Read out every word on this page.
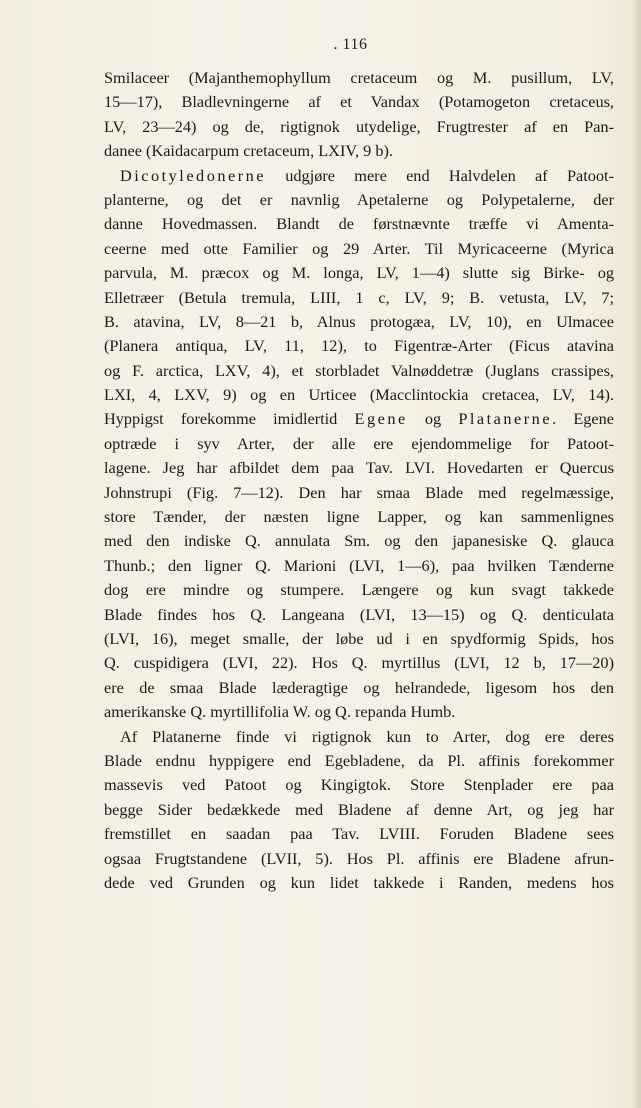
. 116
Smilaceer (Majanthemophyllum cretaceum og M. pusillum, LV,
15—17), Bladlevningerne af et Vandax (Potamogeton cretaceus,
LV, 23—24) og de, rigtignok utydelige, Frugtrester af en Pan-
danee (Kaidacarpum cretaceum, LXIV, 9 b).
Dicotyledonerne udgjøre mere end Halvdelen af Patoot-
planterne, og det er navnlig Apetalerne og Polypetalerne, der
danne Hovedmassen. Blandt de førstnævnte træffe vi Amenta-
ceerne med otte Familier og 29 Arter. Til Myricaceerne (Myrica
parvula, M. præcox og M. longa, LV, 1—4) slutte sig Birke- og
Elletræer (Betula tremula, LIII, 1 c, LV, 9; B. vetusta, LV, 7;
B. atavina, LV, 8—21 b, Alnus protogæa, LV, 10), en Ulmacee
(Planera antiqua, LV, 11, 12), to Figentræ-Arter (Ficus atavina
og F. arctica, LXV, 4), et storbladet Valnøddetræ (Juglans crassipes,
LXI, 4, LXV, 9) og en Urticee (Macclintockia cretacea, LV, 14).
Hyppigst forekomme imidlertid Egene og Platanerne. Egene
optræde i syv Arter, der alle ere ejendommelige for Patoot-
lagene. Jeg har afbildet dem paa Tav. LVI. Hovedarten er Quercus
Johnstrupi (Fig. 7—12). Den har smaa Blade med regelmæssige,
store Tænder, der næsten ligne Lapper, og kan sammenlignes
med den indiske Q. annulata Sm. og den japanesiske Q. glauca
Thunb.; den ligner Q. Marioni (LVI, 1—6), paa hvilken Tænderne
dog ere mindre og stumpere. Længere og kun svagt takkede
Blade findes hos Q. Langeana (LVI, 13—15) og Q. denticulata
(LVI, 16), meget smalle, der løbe ud i en spydformig Spids, hos
Q. cuspidigera (LVI, 22). Hos Q. myrtillus (LVI, 12 b, 17—20)
ere de smaa Blade læderagtige og helrandede, ligesom hos den
amerikanske Q. myrtillifolia W. og Q. repanda Humb.
Af Platanerne finde vi rigtignok kun to Arter, dog ere deres
Blade endnu hyppigere end Egebladene, da Pl. affinis forekommer
massevis ved Patoot og Kingigtok. Store Stenplader ere paa
begge Sider bedækkede med Bladene af denne Art, og jeg har
fremstillet en saadan paa Tav. LVIII. Foruden Bladene sees
ogsaa Frugtstandene (LVII, 5). Hos Pl. affinis ere Bladene afrun-
dede ved Grunden og kun lidet takkede i Randen, medens hos
